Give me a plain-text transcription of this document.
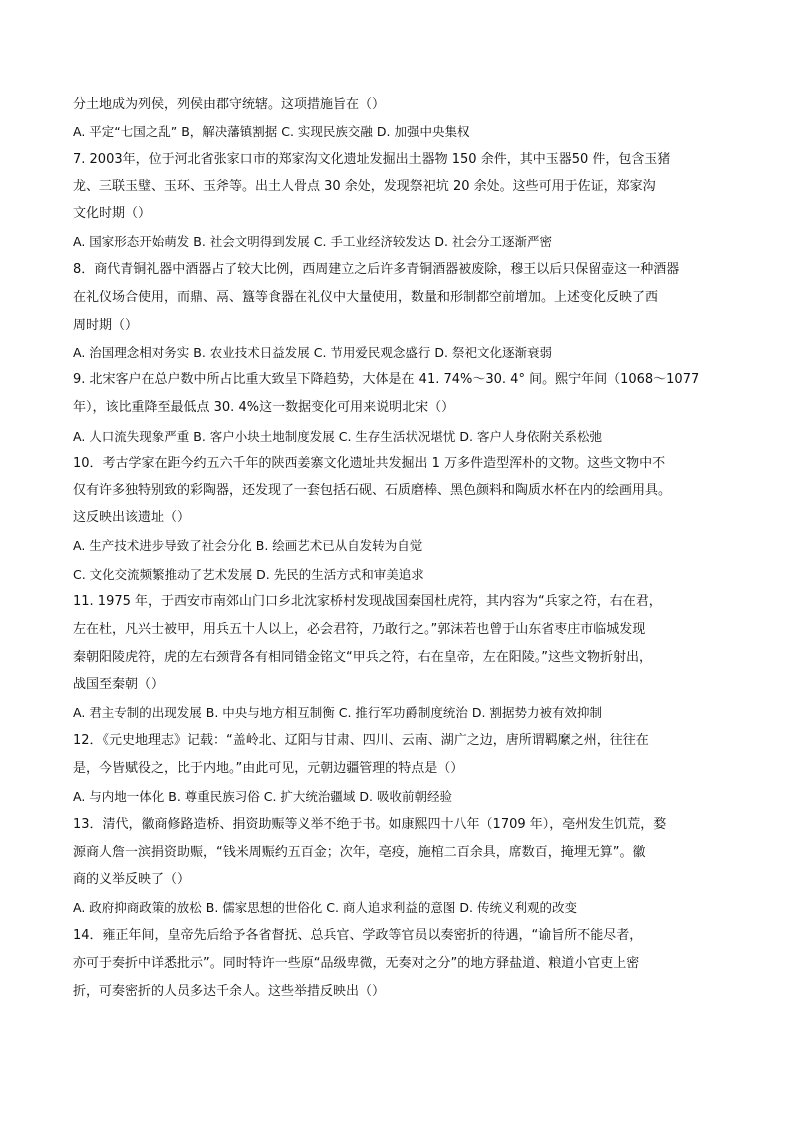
分土地成为列侯，列侯由郡守统辖。这项措施旨在（）
A. 平定“七国之乱” B，解决藩镇割据 C. 实现民族交融 D. 加强中央集权
7. 2003年，位于河北省张家口市的郑家沟文化遗址发掘出土器物 150 余件，其中玉器50 件，包含玉猪
龙、三联玉璧、玉环、玉斧等。出土人骨点 30 余处，发现祭祀坑 20 余处。这些可用于佐证，郑家沟
文化时期（）
A. 国家形态开始萌发 B. 社会文明得到发展 C. 手工业经济较发达 D. 社会分工逐渐严密
8．商代青铜礼器中酒器占了较大比例，西周建立之后许多青铜酒器被废除，穆王以后只保留壶这一种酒器
在礼仪场合使用，而鼎、鬲、簋等食器在礼仪中大量使用，数量和形制都空前增加。上述变化反映了西
周时期（）
A. 治国理念相对务实 B. 农业技术日益发展 C. 节用爱民观念盛行 D. 祭祀文化逐渐衰弱
9. 北宋客户在总户数中所占比重大致呈下降趋势，大体是在 41. 74%～30. 4° 间。熙宁年间（1068～1077
年），该比重降至最低点 30. 4%这一数据变化可用来说明北宋（）
A. 人口流失现象严重 B. 客户小块土地制度发展 C. 生存生活状况堪忧 D. 客户人身依附关系松弛
10．考古学家在距今约五六千年的陕西姜寨文化遗址共发掘出 1 万多件造型浑朴的文物。这些文物中不
仅有许多独特别致的彩陶器，还发现了一套包括石砚、石质磨棒、黑色颜料和陶质水杯在内的绘画用具。
这反映出该遗址（）
A. 生产技术进步导致了社会分化 B. 绘画艺术已从自发转为自觉
C. 文化交流频繁推动了艺术发展 D. 先民的生活方式和审美追求
11. 1975 年，于西安市南郊山门口乡北沈家桥村发现战国秦国杜虎符，其内容为“兵家之符，右在君，
左在杜，凡兴士被甲，用兵五十人以上，必会君符，乃敢行之。”郭沫若也曾于山东省枣庄市临城发现
秦朝阳陵虎符，虎的左右颈背各有相同错金铭文“甲兵之符，右在皇帝，左在阳陵。”这些文物折射出，
战国至秦朝（）
A. 君主专制的出现发展 B. 中央与地方相互制衡 C. 推行军功爵制度统治 D. 割据势力被有效抑制
12．《元史地理志》记载：“盖岭北、辽阳与甘肃、四川、云南、湖广之边，唐所谓羁縻之州，往往在
是，今皆赋役之，比于内地。”由此可见，元朝边疆管理的特点是（）
A. 与内地一体化 B. 尊重民族习俗 C. 扩大统治疆域 D. 吸收前朝经验
13．清代，徽商修路造桥、捐资助赈等义举不绝于书。如康熙四十八年（1709 年），亳州发生饥荒，婺
源商人詹一滨捐资助赈，“钱米周赈约五百金；次年，亳疫，施棺二百余具，席数百，掩埋无算”。徽
商的义举反映了（）
A. 政府抑商政策的放松 B. 儒家思想的世俗化 C. 商人追求利益的意图 D. 传统义利观的改变
14．雍正年间，皇帝先后给予各省督抚、总兵官、学政等官员以奏密折的待遇，“谕旨所不能尽者，
亦可于奏折中详悉批示”。同时特许一些原“品级卑微，无奏对之分”的地方驿盐道、粮道小官吏上密
折，可奏密折的人员多达千余人。这些举措反映出（）
